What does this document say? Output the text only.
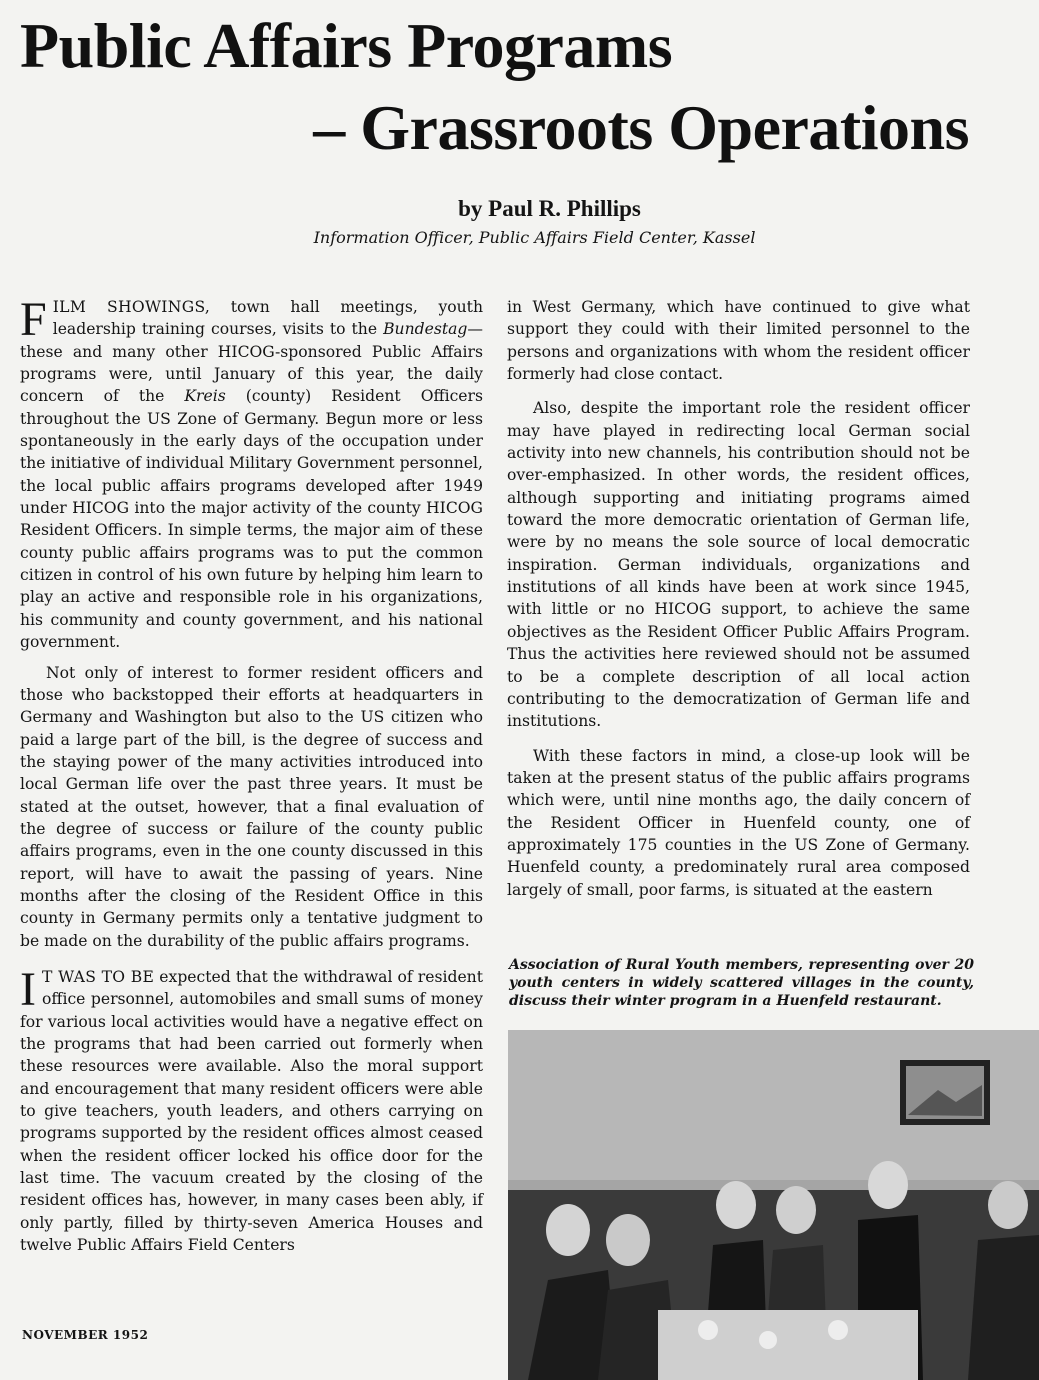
Public Affairs Programs
– Grassroots Operations
by Paul R. Phillips
Information Officer, Public Affairs Field Center, Kassel

FILM SHOWINGS, town hall meetings, youth leadership training courses, visits to the Bundestag—these and many other HICOG-sponsored Public Affairs programs were, until January of this year, the daily concern of the Kreis (county) Resident Officers throughout the US Zone of Germany. Begun more or less spontaneously in the early days of the occupation under the initiative of individual Military Government personnel, the local public affairs programs developed after 1949 under HICOG into the major activity of the county HICOG Resident Officers. In simple terms, the major aim of these county public affairs programs was to put the common citizen in control of his own future by helping him learn to play an active and responsible role in his organizations, his community and county government, and his national government.

Not only of interest to former resident officers and those who backstopped their efforts at headquarters in Germany and Washington but also to the US citizen who paid a large part of the bill, is the degree of success and the staying power of the many activities introduced into local German life over the past three years. It must be stated at the outset, however, that a final evaluation of the degree of success or failure of the county public affairs programs, even in the one county discussed in this report, will have to await the passing of years. Nine months after the closing of the Resident Office in this county in Germany permits only a tentative judgment to be made on the durability of the public affairs programs.

I T WAS TO BE expected that the withdrawal of resident office personnel, automobiles and small sums of money for various local activities would have a negative effect on the programs that had been carried out formerly when these resources were available. Also the moral support and encouragement that many resident officers were able to give teachers, youth leaders, and others carrying on programs supported by the resident offices almost ceased when the resident officer locked his office door for the last time. The vacuum created by the closing of the resident offices has, however, in many cases been ably, if only partly, filled by thirty-seven America Houses and twelve Public Affairs Field Centers

in West Germany, which have continued to give what support they could with their limited personnel to the persons and organizations with whom the resident officer formerly had close contact.

Also, despite the important role the resident officer may have played in redirecting local German social activity into new channels, his contribution should not be over-emphasized. In other words, the resident offices, although supporting and initiating programs aimed toward the more democratic orientation of German life, were by no means the sole source of local democratic inspiration. German individuals, organizations and institutions of all kinds have been at work since 1945, with little or no HICOG support, to achieve the same objectives as the Resident Officer Public Affairs Program. Thus the activities here reviewed should not be assumed to be a complete description of all local action contributing to the democratization of German life and institutions.

With these factors in mind, a close-up look will be taken at the present status of the public affairs programs which were, until nine months ago, the daily concern of the Resident Officer in Huenfeld county, one of approximately 175 counties in the US Zone of Germany. Huenfeld county, a predominately rural area composed largely of small, poor farms, is situated at the eastern

Association of Rural Youth members, representing over 20 youth centers in widely scattered villages in the county, discuss their winter program in a Huenfeld restaurant.
NOVEMBER 1952
